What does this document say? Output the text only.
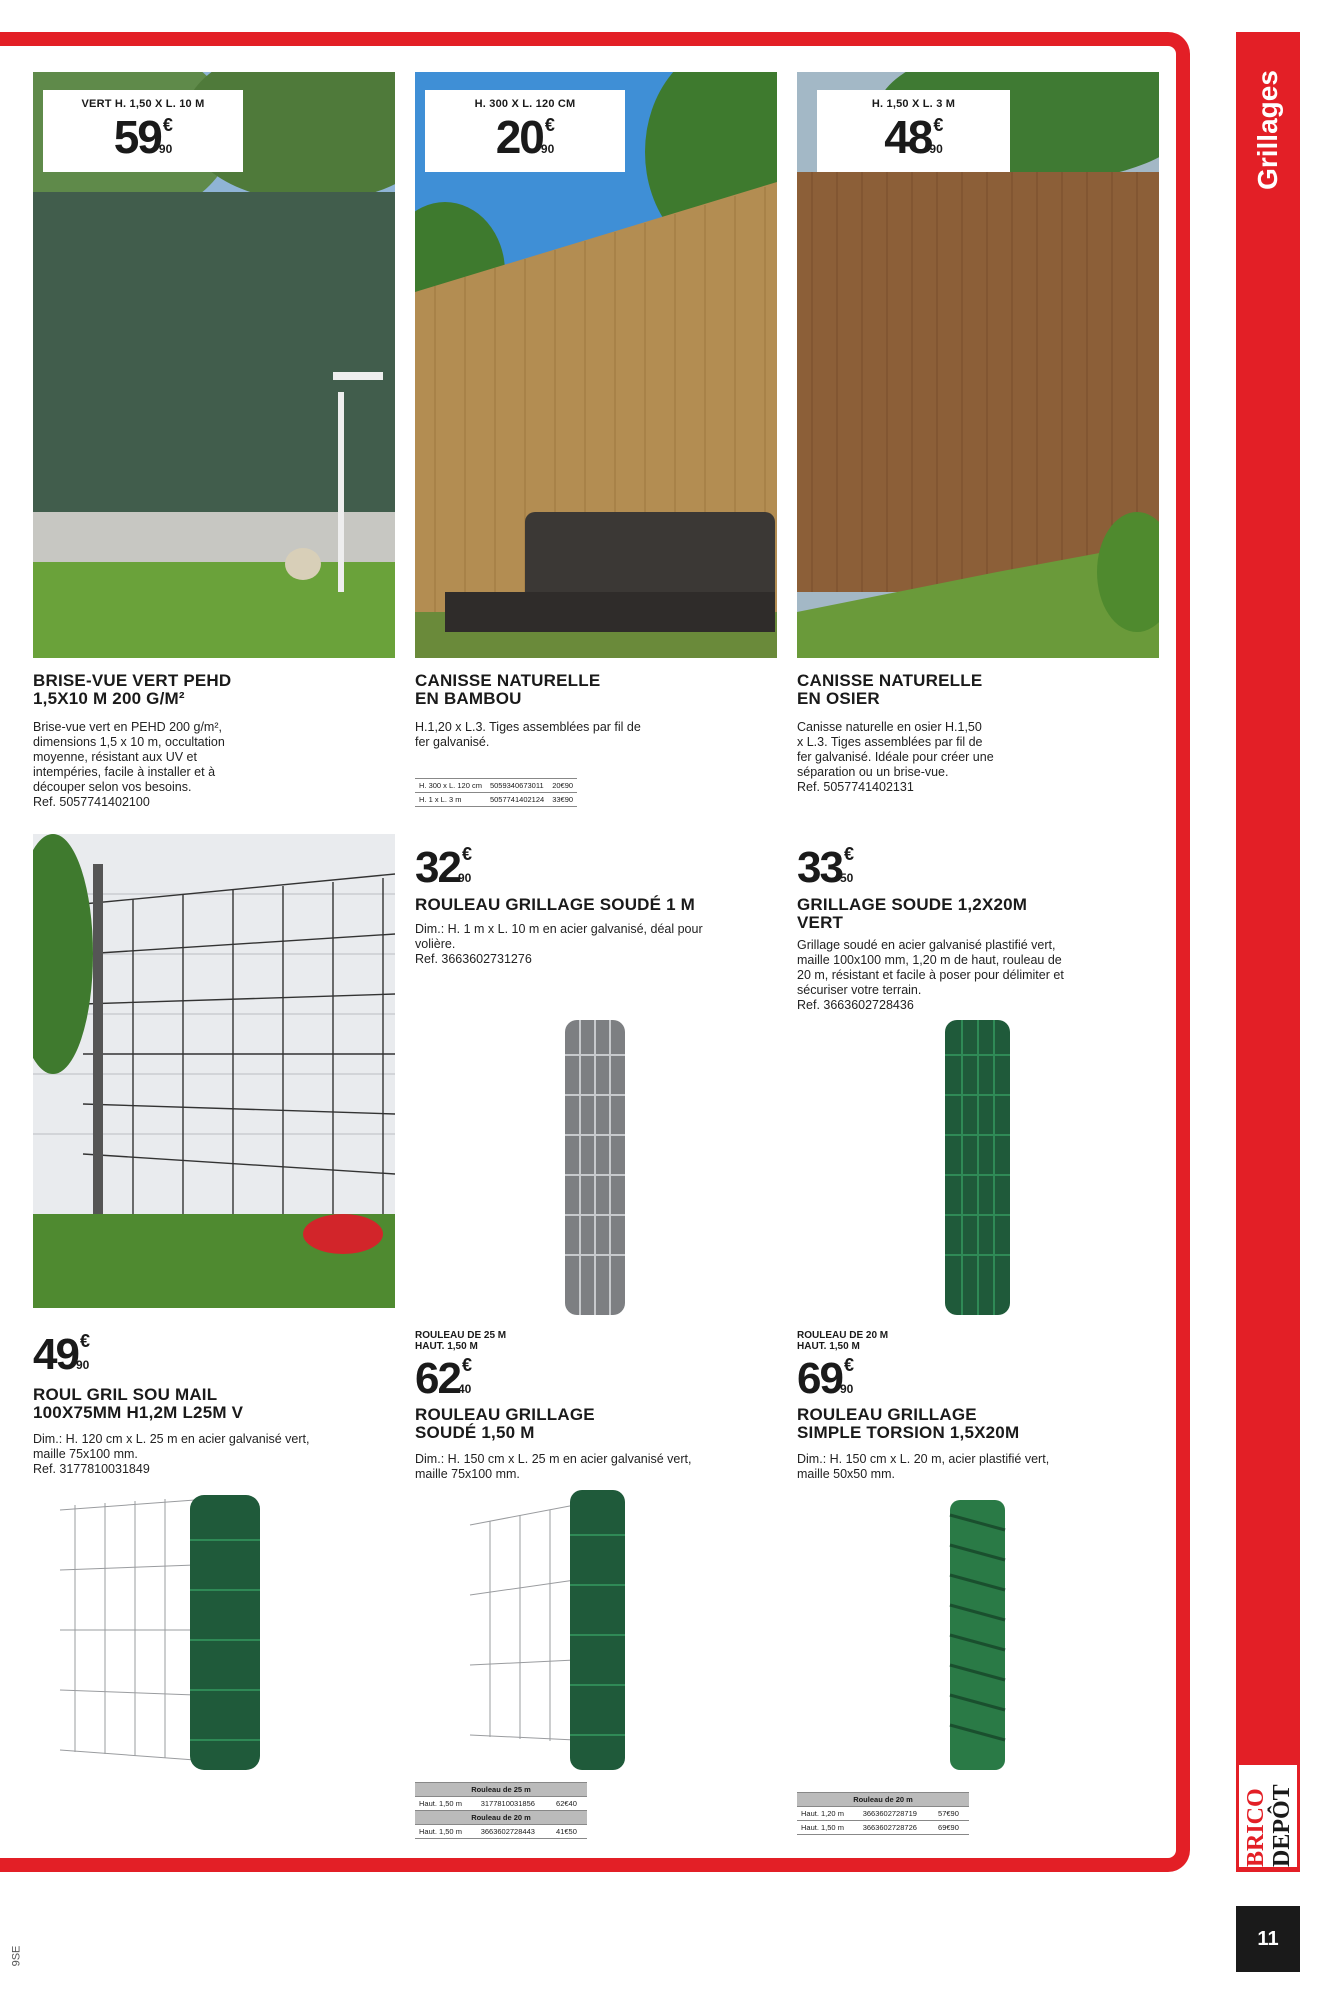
Grillages
BRICO DEPÔT
11
9SE
VERT H. 1,50 X L. 10 M
59 €90
BRISE-VUE VERT PEHD
1,5X10 M 200 G/M²
Brise-vue vert en PEHD 200 g/m²,
dimensions 1,5 x 10 m, occultation
moyenne, résistant aux UV et
intempéries, facile à installer et à
découper selon vos besoins.
Ref. 5057741402100
H. 300 X L. 120 CM
20 €90
CANISSE NATURELLE
EN BAMBOU
H.1,20 x L.3. Tiges assemblées par fil de
fer galvanisé.
H. 300 x L. 120 cm	5059340673011	20€90
H. 1 x L. 3 m	5057741402124	33€90
H. 1,50 X L. 3 M
48 €90
CANISSE NATURELLE
EN OSIER
Canisse naturelle en osier H.1,50
x L.3. Tiges assemblées par fil de
fer galvanisé. Idéale pour créer une
séparation ou un brise-vue.
Ref. 5057741402131
32 €90
ROULEAU GRILLAGE SOUDÉ 1 M
Dim.: H. 1 m x L. 10 m en acier galvanisé, déal pour
volière.
Ref. 3663602731276
33 €50
GRILLAGE SOUDE 1,2X20M
VERT
Grillage soudé en acier galvanisé plastifié vert,
maille 100x100 mm, 1,20 m de haut, rouleau de
20 m, résistant et facile à poser pour délimiter et
sécuriser votre terrain.
Ref. 3663602728436
49 €90
ROUL GRIL SOU MAIL
100X75MM H1,2M L25M V
Dim.: H. 120 cm x L. 25 m en acier galvanisé vert,
maille 75x100 mm.
Ref. 3177810031849
ROULEAU DE 25 M
HAUT. 1,50 M
62 €40
ROULEAU GRILLAGE
SOUDÉ 1,50 M
Dim.: H. 150 cm x L. 25 m en acier galvanisé vert,
maille 75x100 mm.
Rouleau de 25 m		
Haut. 1,50 m	3177810031856	62€40
Rouleau de 20 m		
Haut. 1,50 m	3663602728443	41€50
ROULEAU DE 20 M
HAUT. 1,50 M
69 €90
ROULEAU GRILLAGE
SIMPLE TORSION 1,5X20M
Dim.: H. 150 cm x L. 20 m, acier plastifié vert,
maille 50x50 mm.
Rouleau de 20 m		
Haut. 1,20 m	3663602728719	57€90
Haut. 1,50 m	3663602728726	69€90
